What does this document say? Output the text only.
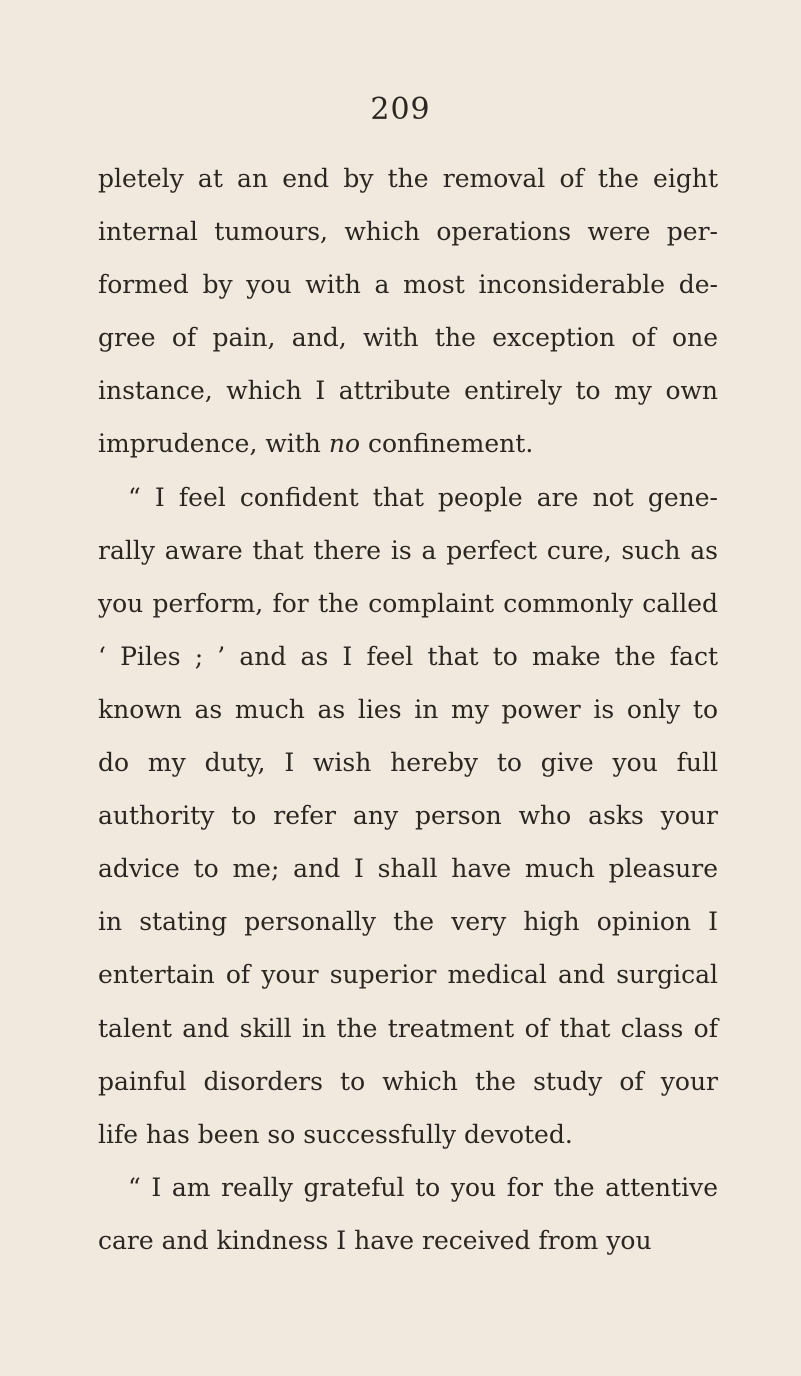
209
pletely at an end by the removal of the eight
internal tumours, which operations were per-
formed by you with a most inconsiderable de-
gree of pain, and, with the exception of one
instance, which I attribute entirely to my own
imprudence, with no confinement.
“ I feel confident that people are not gene-
rally aware that there is a perfect cure, such as
you perform, for the complaint commonly called
‘ Piles ; ’ and as I feel that to make the fact
known as much as lies in my power is only to
do my duty, I wish hereby to give you full
authority to refer any person who asks your
advice to me; and I shall have much pleasure
in stating personally the very high opinion I
entertain of your superior medical and surgical
talent and skill in the treatment of that class of
painful disorders to which the study of your
life has been so successfully devoted.
“ I am really grateful to you for the attentive
care and kindness I have received from you
